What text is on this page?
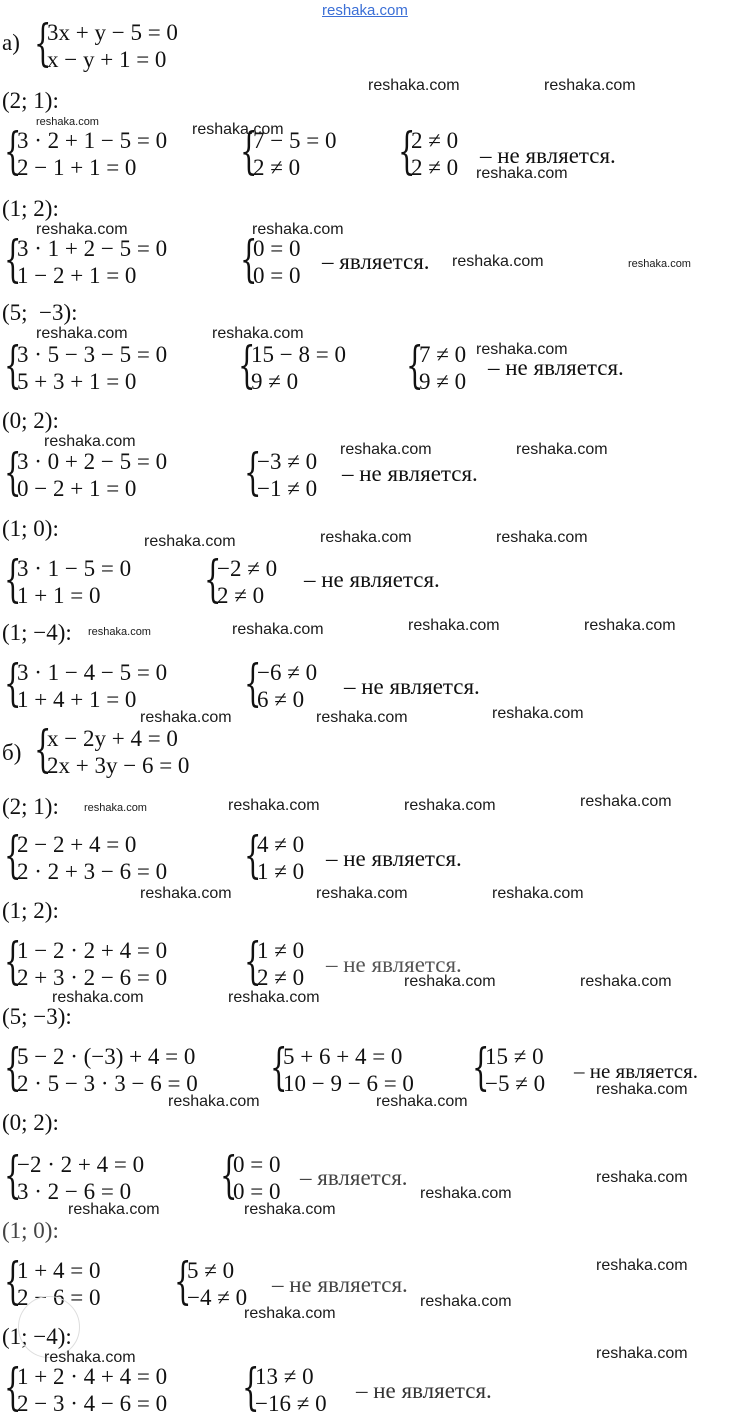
reshaka.com
а) {
3x + y − 5 = 0
x − y + 1 = 0
(2; 1):
{
3 · 2 + 1 − 5 = 0
2 − 1 + 1 = 0 {
7 − 5 = 0
2 ≠ 0 {
2 ≠ 0
2 ≠ 0 – не является.
(1; 2):
{
3 · 1 + 2 − 5 = 0
1 − 2 + 1 = 0 {
0 = 0
0 = 0
– является.
(5;  −3):
{
3 · 5 − 3 − 5 = 0
5 + 3 + 1 = 0 {
15 − 8 = 0
9 ≠ 0 {
7 ≠ 0
9 ≠ 0
– не является.
(0; 2):
{
3 · 0 + 2 − 5 = 0
0 − 2 + 1 = 0 {
−3 ≠ 0
−1 ≠ 0
– не является.
(1; 0):
{
3 · 1 − 5 = 0
1 + 1 = 0 {
−2 ≠ 0
2 ≠ 0
– не является.
(1; −4):
{
3 · 1 − 4 − 5 = 0
1 + 4 + 1 = 0 {
−6 ≠ 0
6 ≠ 0
– не является.
б) {
x − 2y + 4 = 0
2x + 3y − 6 = 0
(2; 1):
{
2 − 2 + 4 = 0
2 · 2 + 3 − 6 = 0 {
4 ≠ 0
1 ≠ 0
– не является.
(1; 2):
{
1 − 2 · 2 + 4 = 0
2 + 3 · 2 − 6 = 0 {
1 ≠ 0
2 ≠ 0
– не является.
(5; −3):
{
5 − 2 · (−3) + 4 = 0
2 · 5 − 3 · 3 − 6 = 0 {
5 + 6 + 4 = 0
10 − 9 − 6 = 0 {
15 ≠ 0
−5 ≠ 0 – не является.
(0; 2):
{
−2 · 2 + 4 = 0
3 · 2 − 6 = 0 {
0 = 0
0 = 0
– является.
(1; 0):
{
1 + 4 = 0
2 − 6 = 0 {
5 ≠ 0
−4 ≠ 0
– не является.
(1; −4):
{
1 + 2 · 4 + 4 = 0
2 − 3 · 4 − 6 = 0 {
13 ≠ 0
−16 ≠ 0
– не является.
reshaka.com	reshaka.com
reshaka.com	reshaka.com
reshaka.com
reshaka.com	reshaka.com
reshaka.com	reshaka.com
reshaka.com	reshaka.com
reshaka.com
reshaka.com	reshaka.com	reshaka.com
reshaka.com	reshaka.com	reshaka.com
reshaka.com	reshaka.com	reshaka.com	reshaka.com
reshaka.com	reshaka.com	reshaka.com
reshaka.com	reshaka.com	reshaka.com	reshaka.com
reshaka.com	reshaka.com	reshaka.com
reshaka.com	reshaka.com
reshaka.com	reshaka.com
reshaka.com
reshaka.com	reshaka.com
reshaka.com
reshaka.com
reshaka.com	reshaka.com
reshaka.com
reshaka.com
reshaka.com
reshaka.com
reshaka.com
